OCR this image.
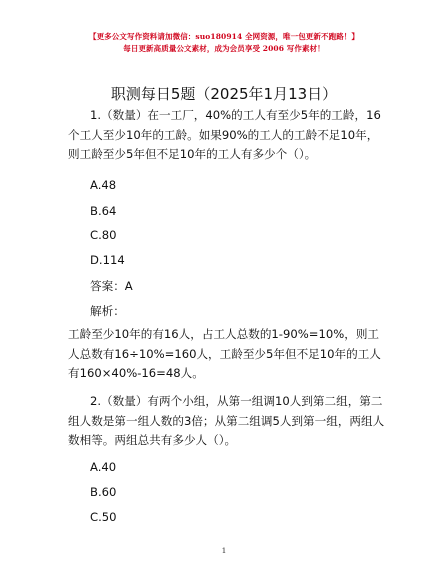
【更多公文写作资料请加微信：suo180914 全网资源，唯一包更新不跑路！】
每日更新高质量公文素材，成为会员享受 2006 写作素材！
职测每日5题（2025年1月13日）
1.（数量）在一工厂，40%的工人有至少5年的工龄，16个工人至少10年的工龄。如果90%的工人的工龄不足10年，则工龄至少5年但不足10年的工人有多少个（）。
A.48
B.64
C.80
D.114
答案：A
解析：
工龄至少10年的有16人，占工人总数的1-90%=10%，则工人总数有16÷10%=160人，工龄至少5年但不足10年的工人有160×40%-16=48人。
2.（数量）有两个小组，从第一组调10人到第二组，第二组人数是第一组人数的3倍；从第二组调5人到第一组，两组人数相等。两组总共有多少人（）。
A.40
B.60
C.50
1
